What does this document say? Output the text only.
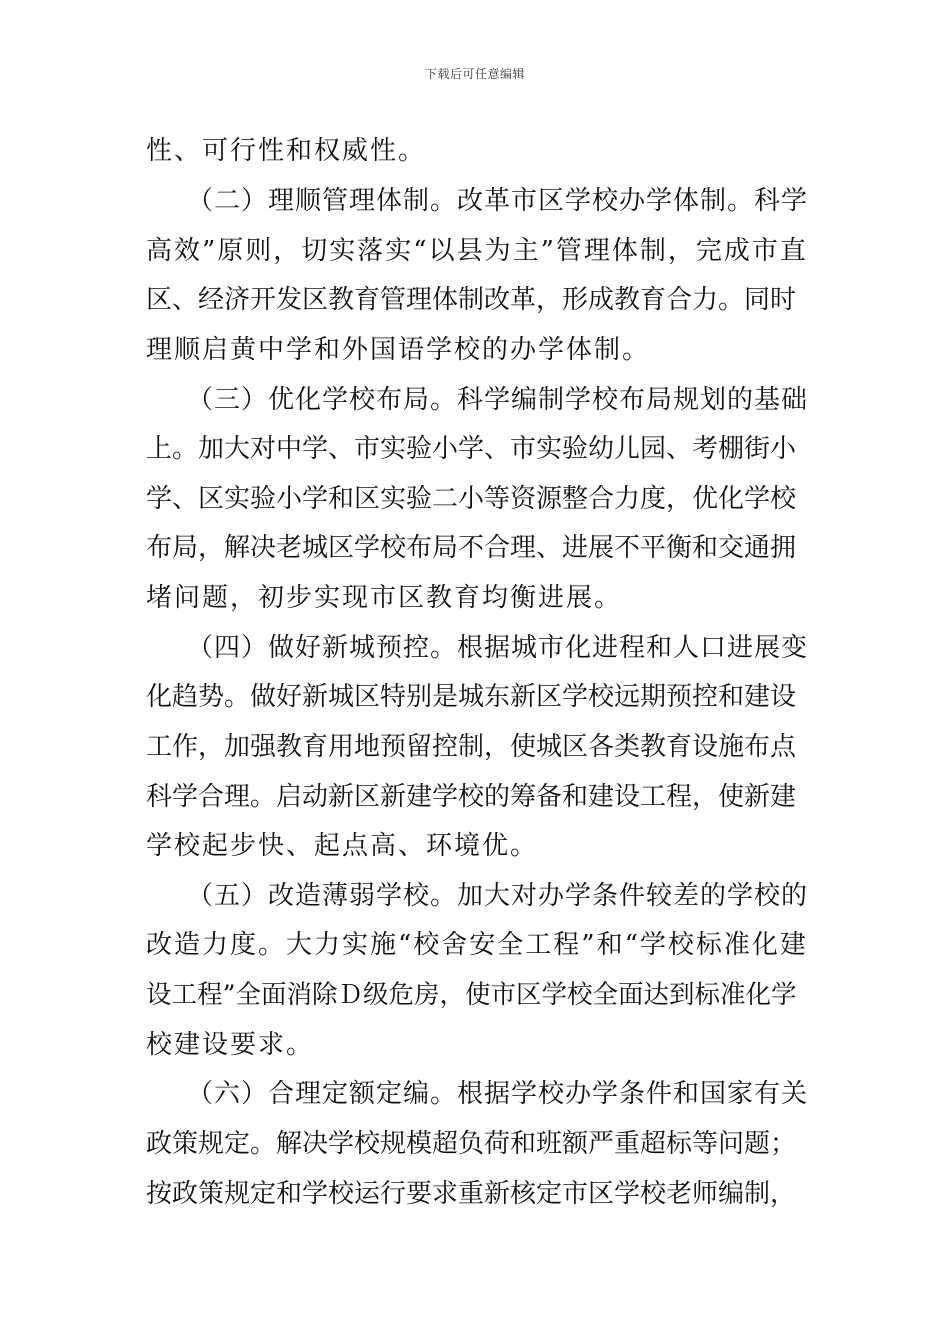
下载后可任意编辑
性、可行性和权威性。
　　（二）理顺管理体制。改革市区学校办学体制。科学
高效”原则，切实落实“以县为主”管理体制，完成市直
区、经济开发区教育管理体制改革，形成教育合力。同时
理顺启黄中学和外国语学校的办学体制。
　　（三）优化学校布局。科学编制学校布局规划的基础
上。加大对中学、市实验小学、市实验幼儿园、考棚街小
学、区实验小学和区实验二小等资源整合力度，优化学校
布局，解决老城区学校布局不合理、进展不平衡和交通拥
堵问题，初步实现市区教育均衡进展。
　　（四）做好新城预控。根据城市化进程和人口进展变
化趋势。做好新城区特别是城东新区学校远期预控和建设
工作，加强教育用地预留控制，使城区各类教育设施布点
科学合理。启动新区新建学校的筹备和建设工程，使新建
学校起步快、起点高、环境优。
　　（五）改造薄弱学校。加大对办学条件较差的学校的
改造力度。大力实施“校舍安全工程”和“学校标准化建
设工程”全面消除Ｄ级危房，使市区学校全面达到标准化学
校建设要求。
　　（六）合理定额定编。根据学校办学条件和国家有关
政策规定。解决学校规模超负荷和班额严重超标等问题；
按政策规定和学校运行要求重新核定市区学校老师编制，
